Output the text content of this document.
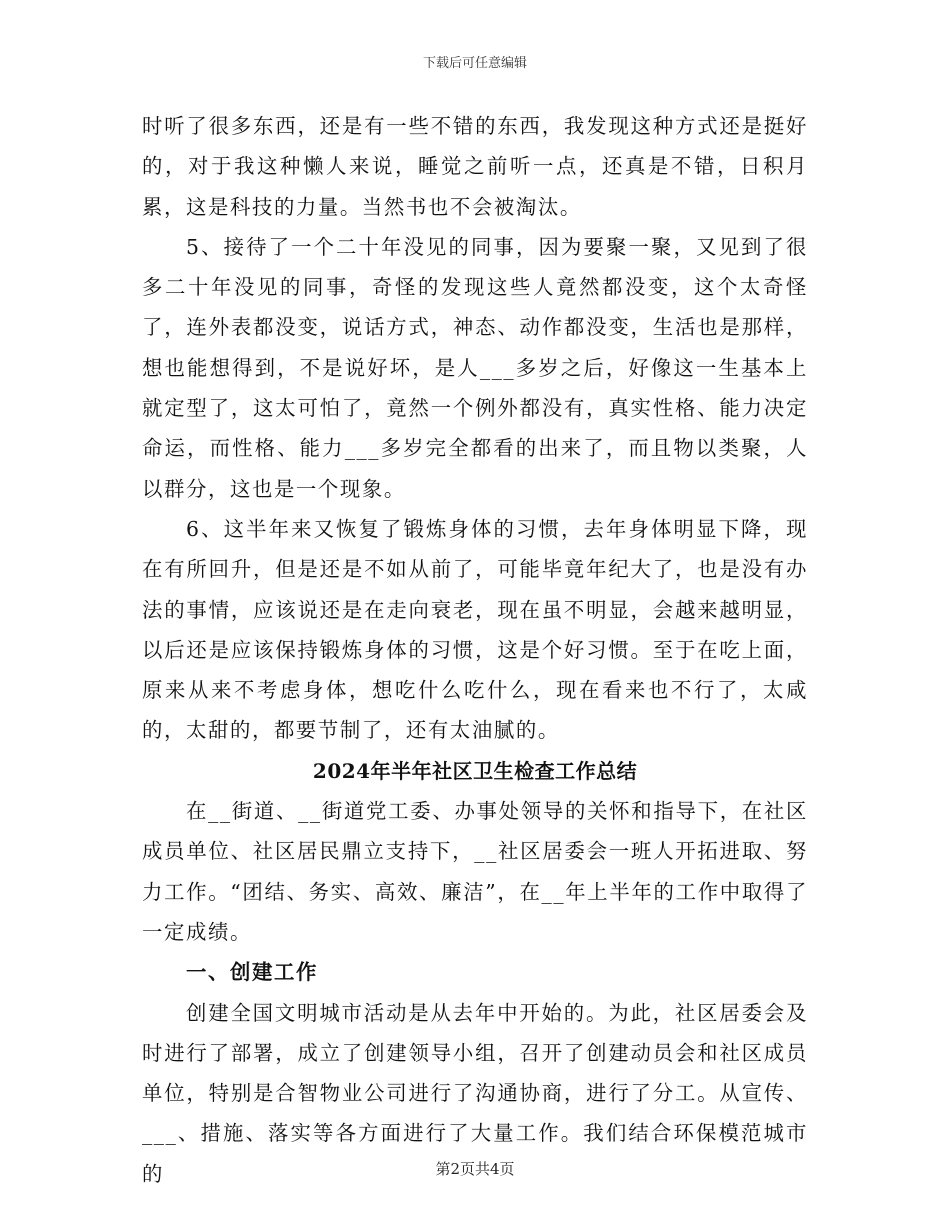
下载后可任意编辑

时听了很多东西，还是有一些不错的东西，我发现这种方式还是挺好的，对于我这种懒人来说，睡觉之前听一点，还真是不错，日积月累，这是科技的力量。当然书也不会被淘汰。

5、接待了一个二十年没见的同事，因为要聚一聚，又见到了很多二十年没见的同事，奇怪的发现这些人竟然都没变，这个太奇怪了，连外表都没变，说话方式，神态、动作都没变，生活也是那样，想也能想得到，不是说好坏，是人___多岁之后，好像这一生基本上就定型了，这太可怕了，竟然一个例外都没有，真实性格、能力决定命运，而性格、能力___多岁完全都看的出来了，而且物以类聚，人以群分，这也是一个现象。

6、这半年来又恢复了锻炼身体的习惯，去年身体明显下降，现在有所回升，但是还是不如从前了，可能毕竟年纪大了，也是没有办法的事情，应该说还是在走向衰老，现在虽不明显，会越来越明显，以后还是应该保持锻炼身体的习惯，这是个好习惯。至于在吃上面，原来从来不考虑身体，想吃什么吃什么，现在看来也不行了，太咸的，太甜的，都要节制了，还有太油腻的。

2024年半年社区卫生检查工作总结

在__街道、__街道党工委、办事处领导的关怀和指导下，在社区成员单位、社区居民鼎立支持下，__社区居委会一班人开拓进取、努力工作。“团结、务实、高效、廉洁”，在__年上半年的工作中取得了一定成绩。

一、创建工作

创建全国文明城市活动是从去年中开始的。为此，社区居委会及时进行了部署，成立了创建领导小组，召开了创建动员会和社区成员单位，特别是合智物业公司进行了沟通协商，进行了分工。从宣传、___、措施、落实等各方面进行了大量工作。我们结合环保模范城市的	第2页共4页
